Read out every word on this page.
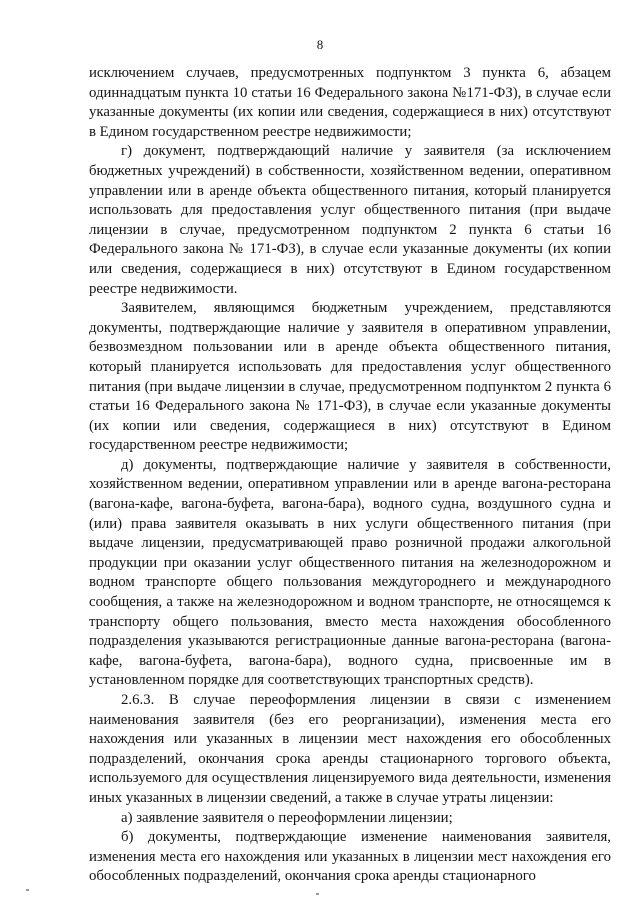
8

исключением случаев, предусмотренных подпунктом 3 пункта 6, абзацем одиннадцатым пункта 10 статьи 16 Федерального закона №171-ФЗ), в случае если указанные документы (их копии или сведения, содержащиеся в них) отсутствуют в Едином государственном реестре недвижимости;

г) документ, подтверждающий наличие у заявителя (за исключением бюджетных учреждений) в собственности, хозяйственном ведении, оперативном управлении или в аренде объекта общественного питания, который планируется использовать для предоставления услуг общественного питания (при выдаче лицензии в случае, предусмотренном подпунктом 2 пункта 6 статьи 16 Федерального закона № 171-ФЗ), в случае если указанные документы (их копии или сведения, содержащиеся в них) отсутствуют в Едином государственном реестре недвижимости.

Заявителем, являющимся бюджетным учреждением, представляются документы, подтверждающие наличие у заявителя в оперативном управлении, безвозмездном пользовании или в аренде объекта общественного питания, который планируется использовать для предоставления услуг общественного питания (при выдаче лицензии в случае, предусмотренном подпунктом 2 пункта 6 статьи 16 Федерального закона № 171-ФЗ), в случае если указанные документы (их копии или сведения, содержащиеся в них) отсутствуют в Едином государственном реестре недвижимости;

д) документы, подтверждающие наличие у заявителя в собственности, хозяйственном ведении, оперативном управлении или в аренде вагона-ресторана (вагона-кафе, вагона-буфета, вагона-бара), водного судна, воздушного судна и (или) права заявителя оказывать в них услуги общественного питания (при выдаче лицензии, предусматривающей право розничной продажи алкогольной продукции при оказании услуг общественного питания на железнодорожном и водном транспорте общего пользования междугороднего и международного сообщения, а также на железнодорожном и водном транспорте, не относящемся к транспорту общего пользования, вместо места нахождения обособленного подразделения указываются регистрационные данные вагона-ресторана (вагона-кафе, вагона-буфета, вагона-бара), водного судна, присвоенные им в установленном порядке для соответствующих транспортных средств).

2.6.3. В случае переоформления лицензии в связи с изменением наименования заявителя (без его реорганизации), изменения места его нахождения или указанных в лицензии мест нахождения его обособленных подразделений, окончания срока аренды стационарного торгового объекта, используемого для осуществления лицензируемого вида деятельности, изменения иных указанных в лицензии сведений, а также в случае утраты лицензии:

а) заявление заявителя о переоформлении лицензии;

б) документы, подтверждающие изменение наименования заявителя, изменения места его нахождения или указанных в лицензии мест нахождения его обособленных подразделений, окончания срока аренды стационарного
